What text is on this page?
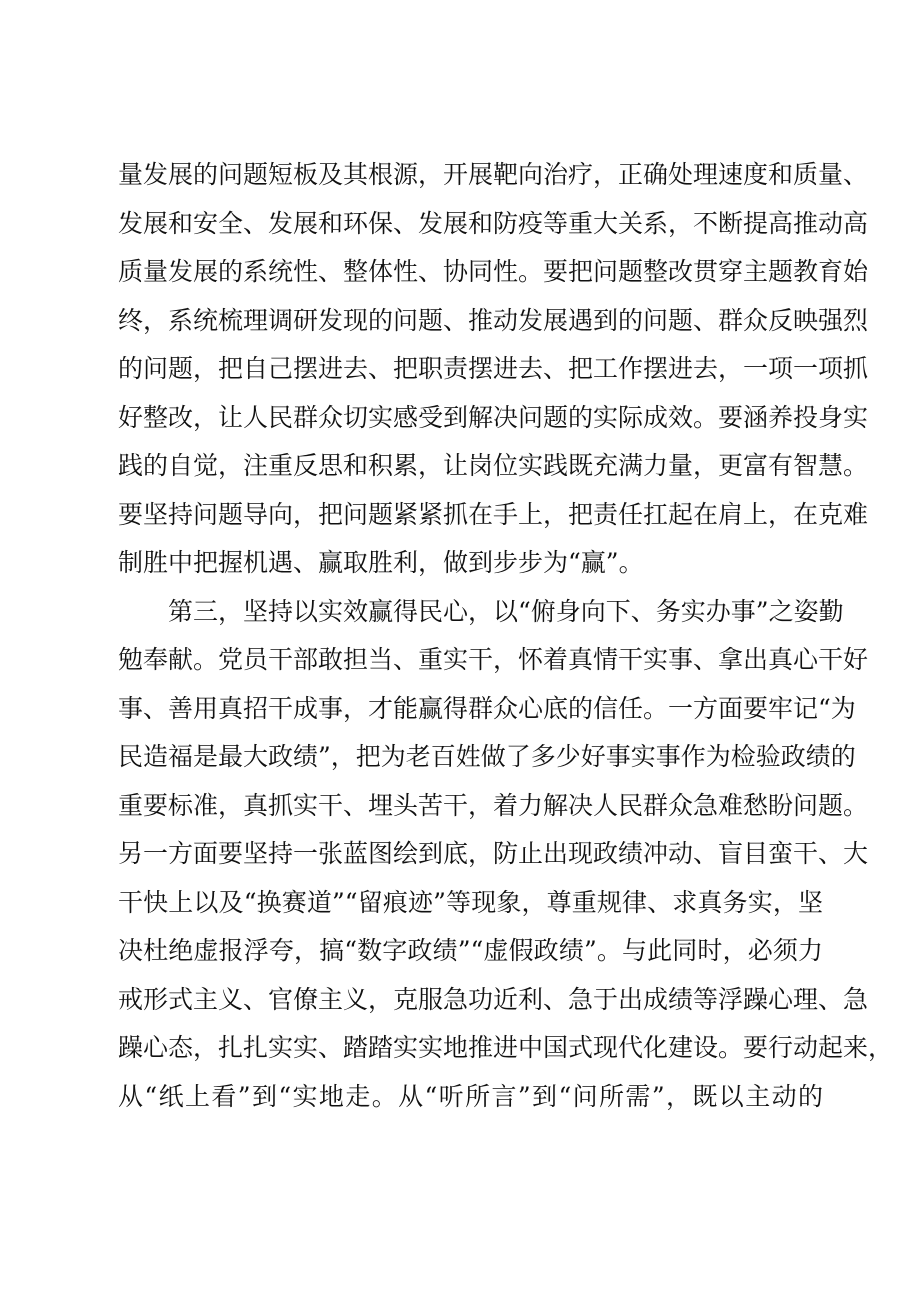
量发展的问题短板及其根源，开展靶向治疗，正确处理速度和质量、
发展和安全、发展和环保、发展和防疫等重大关系，不断提高推动高
质量发展的系统性、整体性、协同性。要把问题整改贯穿主题教育始
终，系统梳理调研发现的问题、推动发展遇到的问题、群众反映强烈
的问题，把自己摆进去、把职责摆进去、把工作摆进去，一项一项抓
好整改，让人民群众切实感受到解决问题的实际成效。要涵养投身实
践的自觉，注重反思和积累，让岗位实践既充满力量，更富有智慧。
要坚持问题导向，把问题紧紧抓在手上，把责任扛起在肩上，在克难
制胜中把握机遇、赢取胜利，做到步步为“赢”。
第三，坚持以实效赢得民心，以“俯身向下、务实办事”之姿勤
勉奉献。党员干部敢担当、重实干，怀着真情干实事、拿出真心干好
事、善用真招干成事，才能赢得群众心底的信任。一方面要牢记“为
民造福是最大政绩”，把为老百姓做了多少好事实事作为检验政绩的
重要标准，真抓实干、埋头苦干，着力解决人民群众急难愁盼问题。
另一方面要坚持一张蓝图绘到底，防止出现政绩冲动、盲目蛮干、大
干快上以及“换赛道”“留痕迹”等现象，尊重规律、求真务实，坚
决杜绝虚报浮夸，搞“数字政绩”“虚假政绩”。与此同时，必须力
戒形式主义、官僚主义，克服急功近利、急于出成绩等浮躁心理、急
躁心态，扎扎实实、踏踏实实地推进中国式现代化建设。要行动起来，
从“纸上看”到“实地走。从“听所言”到“问所需”，既以主动的
